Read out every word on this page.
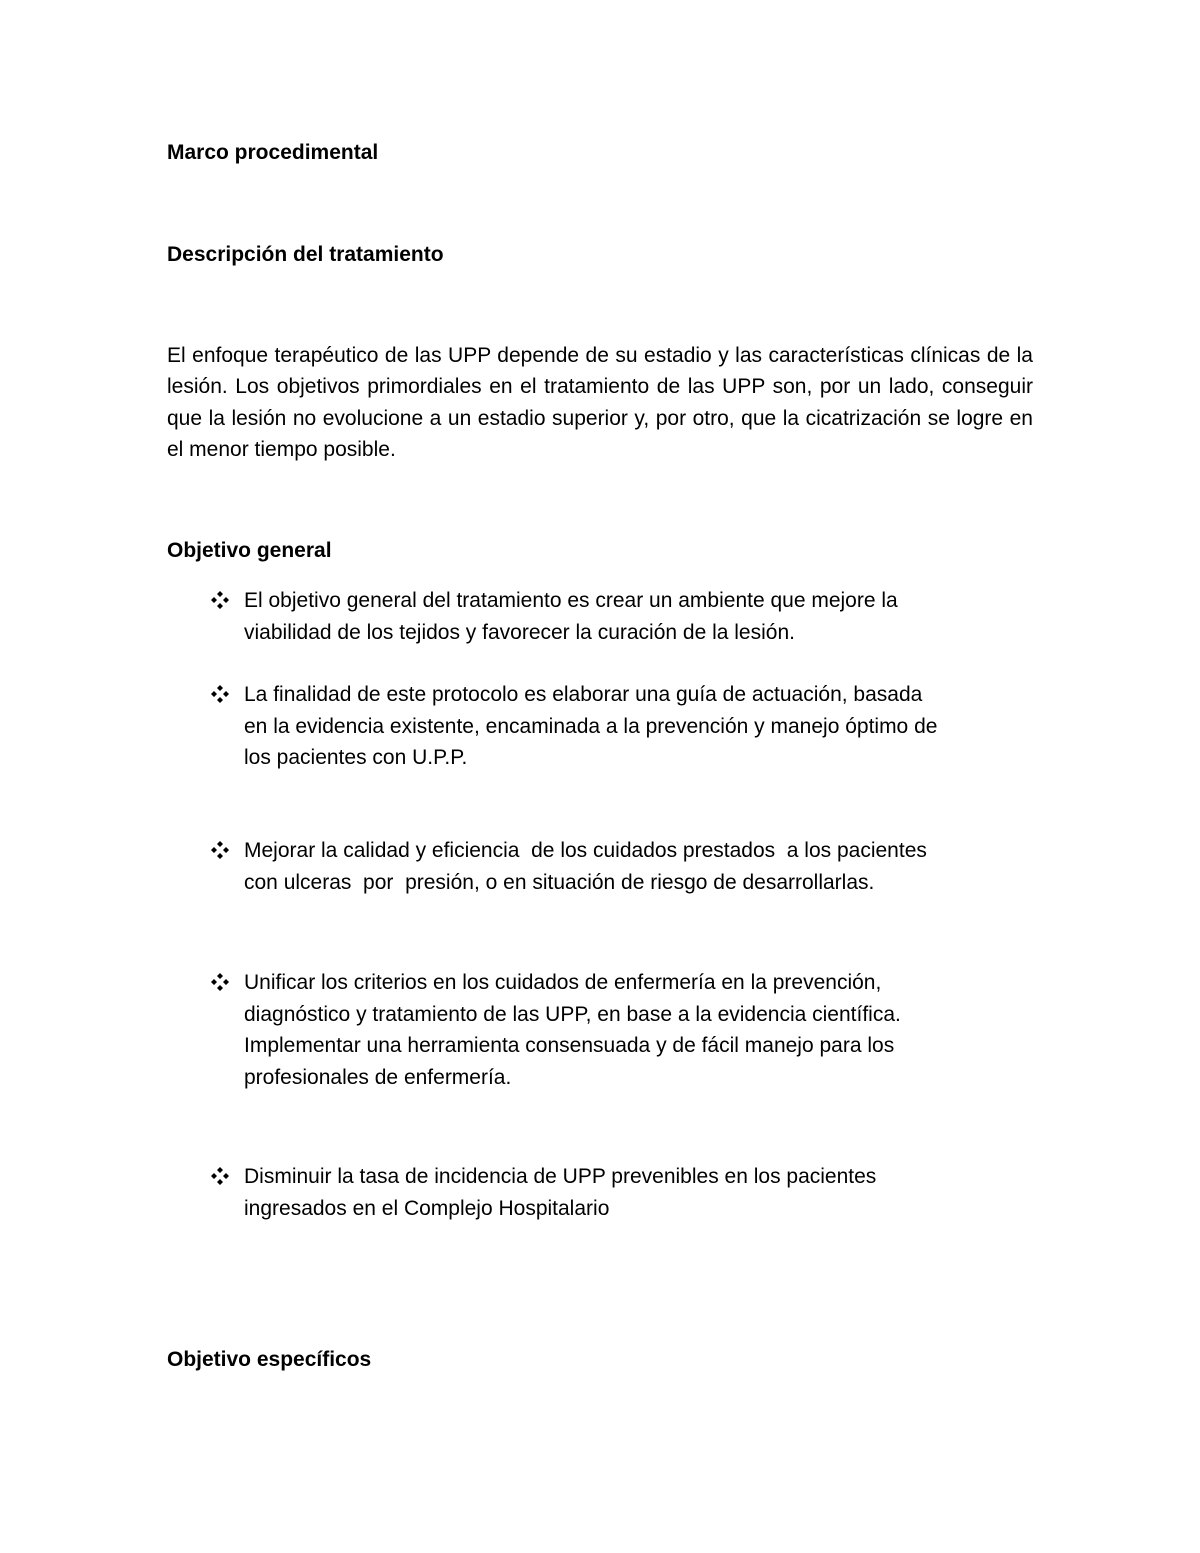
Marco procedimental
Descripción del tratamiento
El enfoque terapéutico de las UPP depende de su estadio y las características clínicas de la lesión. Los objetivos primordiales en el tratamiento de las UPP son, por un lado, conseguir que la lesión no evolucione a un estadio superior y, por otro, que la cicatrización se logre en el menor tiempo posible.
Objetivo general
El objetivo general del tratamiento es crear un ambiente que mejore la
viabilidad de los tejidos y favorecer la curación de la lesión.
La finalidad de este protocolo es elaborar una guía de actuación, basada
en la evidencia existente, encaminada a la prevención y manejo óptimo de
los pacientes con U.P.P.
Mejorar la calidad y eficiencia  de los cuidados prestados  a los pacientes
con ulceras  por  presión, o en situación de riesgo de desarrollarlas.
Unificar los criterios en los cuidados de enfermería en la prevención,
diagnóstico y tratamiento de las UPP, en base a la evidencia científica.
Implementar una herramienta consensuada y de fácil manejo para los
profesionales de enfermería.
Disminuir la tasa de incidencia de UPP prevenibles en los pacientes
ingresados en el Complejo Hospitalario
Objetivo específicos
